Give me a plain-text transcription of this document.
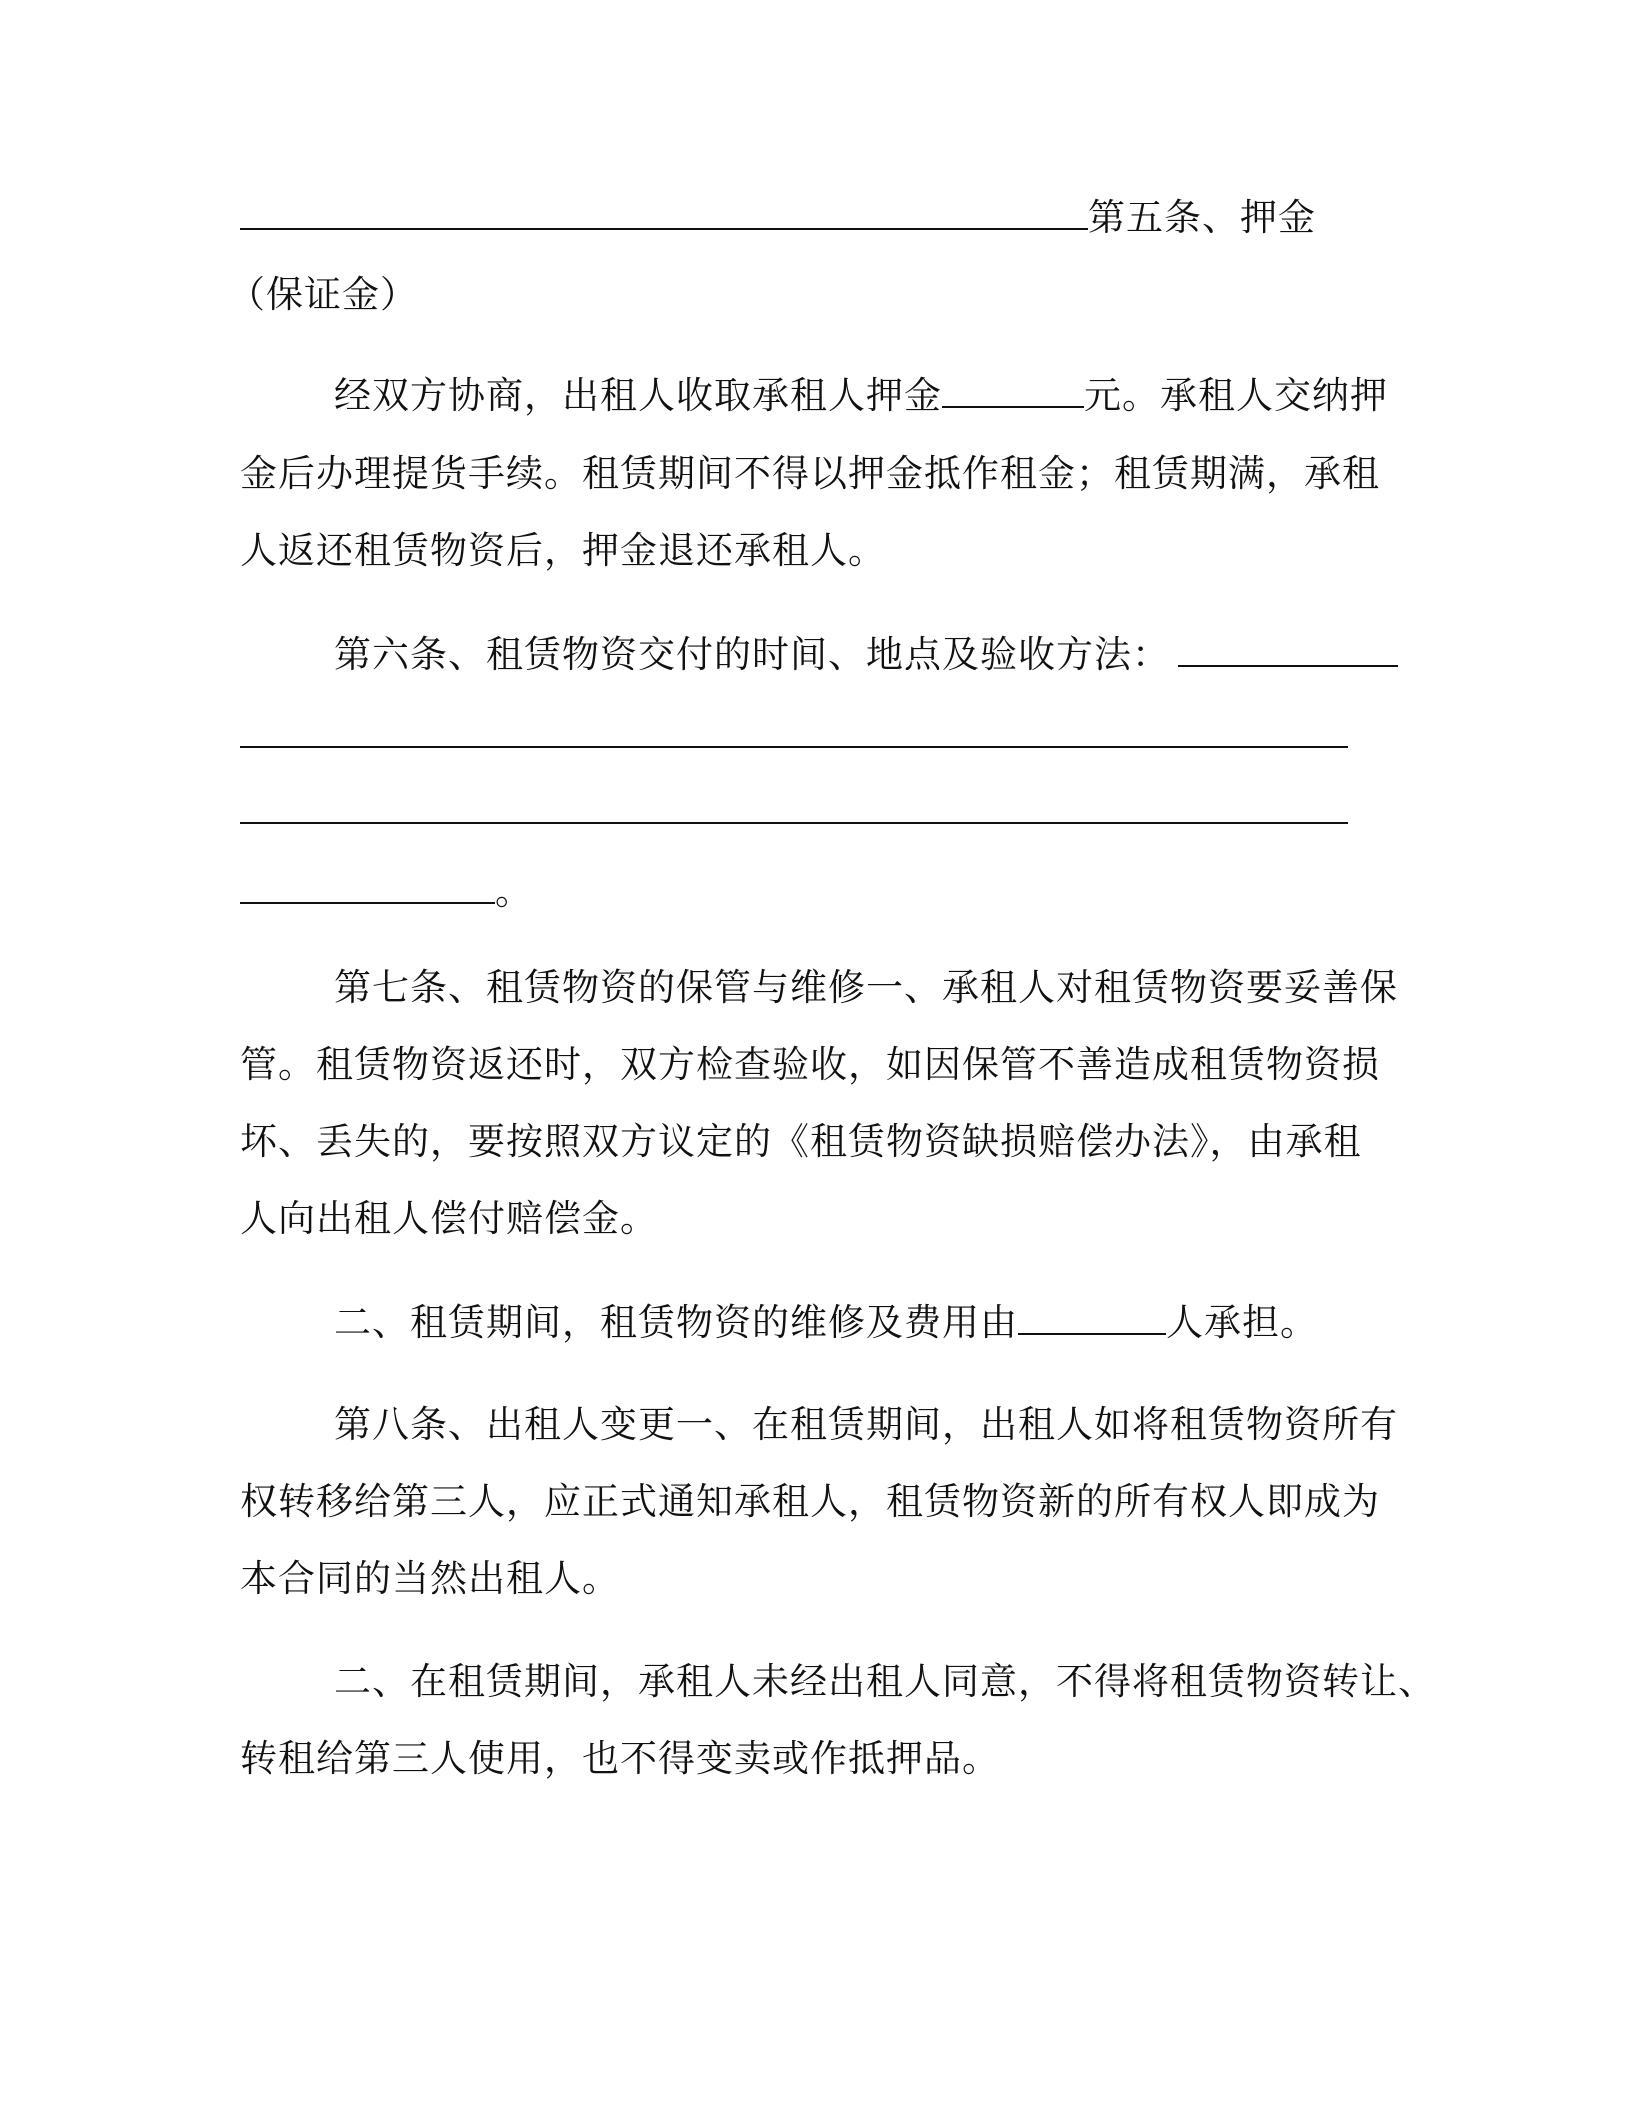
第五条、押金
（保证金）
经双方协商，出租人收取承租人押金	元。承租人交纳押
金后办理提货手续。租赁期间不得以押金抵作租金；租赁期满，承租
人返还租赁物资后，押金退还承租人。
第六条、租赁物资交付的时间、地点及验收方法：
。
第七条、租赁物资的保管与维修一、承租人对租赁物资要妥善保
管。租赁物资返还时，双方检查验收，如因保管不善造成租赁物资损
坏、丢失的，要按照双方议定的《租赁物资缺损赔偿办法》，由承租
人向出租人偿付赔偿金。
二、租赁期间，租赁物资的维修及费用由	人承担。
第八条、出租人变更一、在租赁期间，出租人如将租赁物资所有
权转移给第三人，应正式通知承租人，租赁物资新的所有权人即成为
本合同的当然出租人。
二、在租赁期间，承租人未经出租人同意，不得将租赁物资转让、
转租给第三人使用，也不得变卖或作抵押品。
